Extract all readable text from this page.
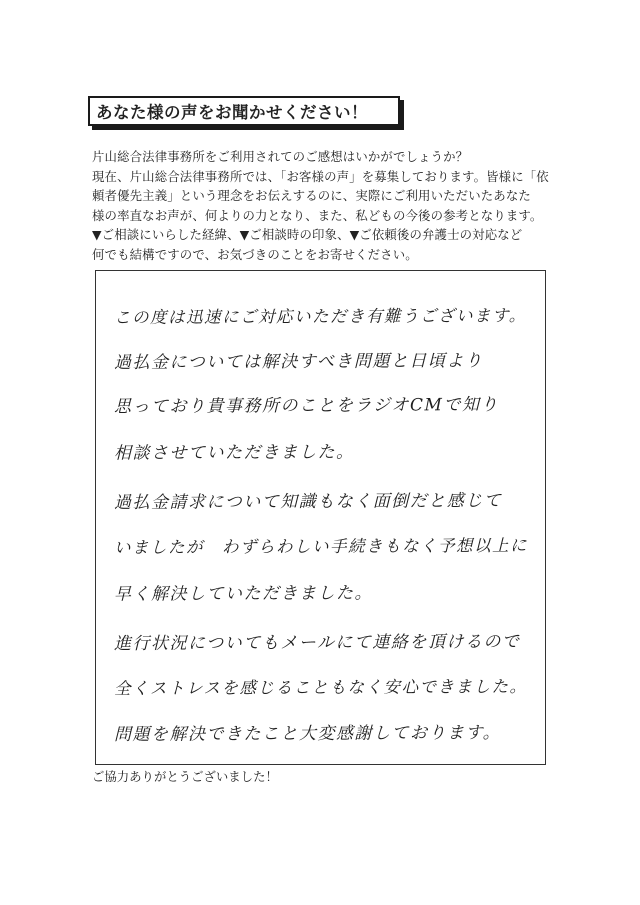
あなた様の声をお聞かせください！
片山総合法律事務所をご利用されてのご感想はいかがでしょうか？
現在、片山総合法律事務所では、「お客様の声」を募集しております。皆様に「依
頼者優先主義」という理念をお伝えするのに、実際にご利用いただいたあなた
様の率直なお声が、何よりの力となり、また、私どもの今後の参考となります。
▼ご相談にいらした経緯、▼ご相談時の印象、▼ご依頼後の弁護士の対応など
何でも結構ですので、お気づきのことをお寄せください。
この度は迅速にご対応いただき有難うございます。
過払金については解決すべき問題と日頃より
思っており貴事務所のことをラジオCMで知り
相談させていただきました。
過払金請求について知識もなく面倒だと感じて
いましたが　わずらわしい手続きもなく予想以上に
早く解決していただきました。
進行状況についてもメールにて連絡を頂けるので
全くストレスを感じることもなく安心できました。
問題を解決できたこと大変感謝しております。
ご協力ありがとうございました！
